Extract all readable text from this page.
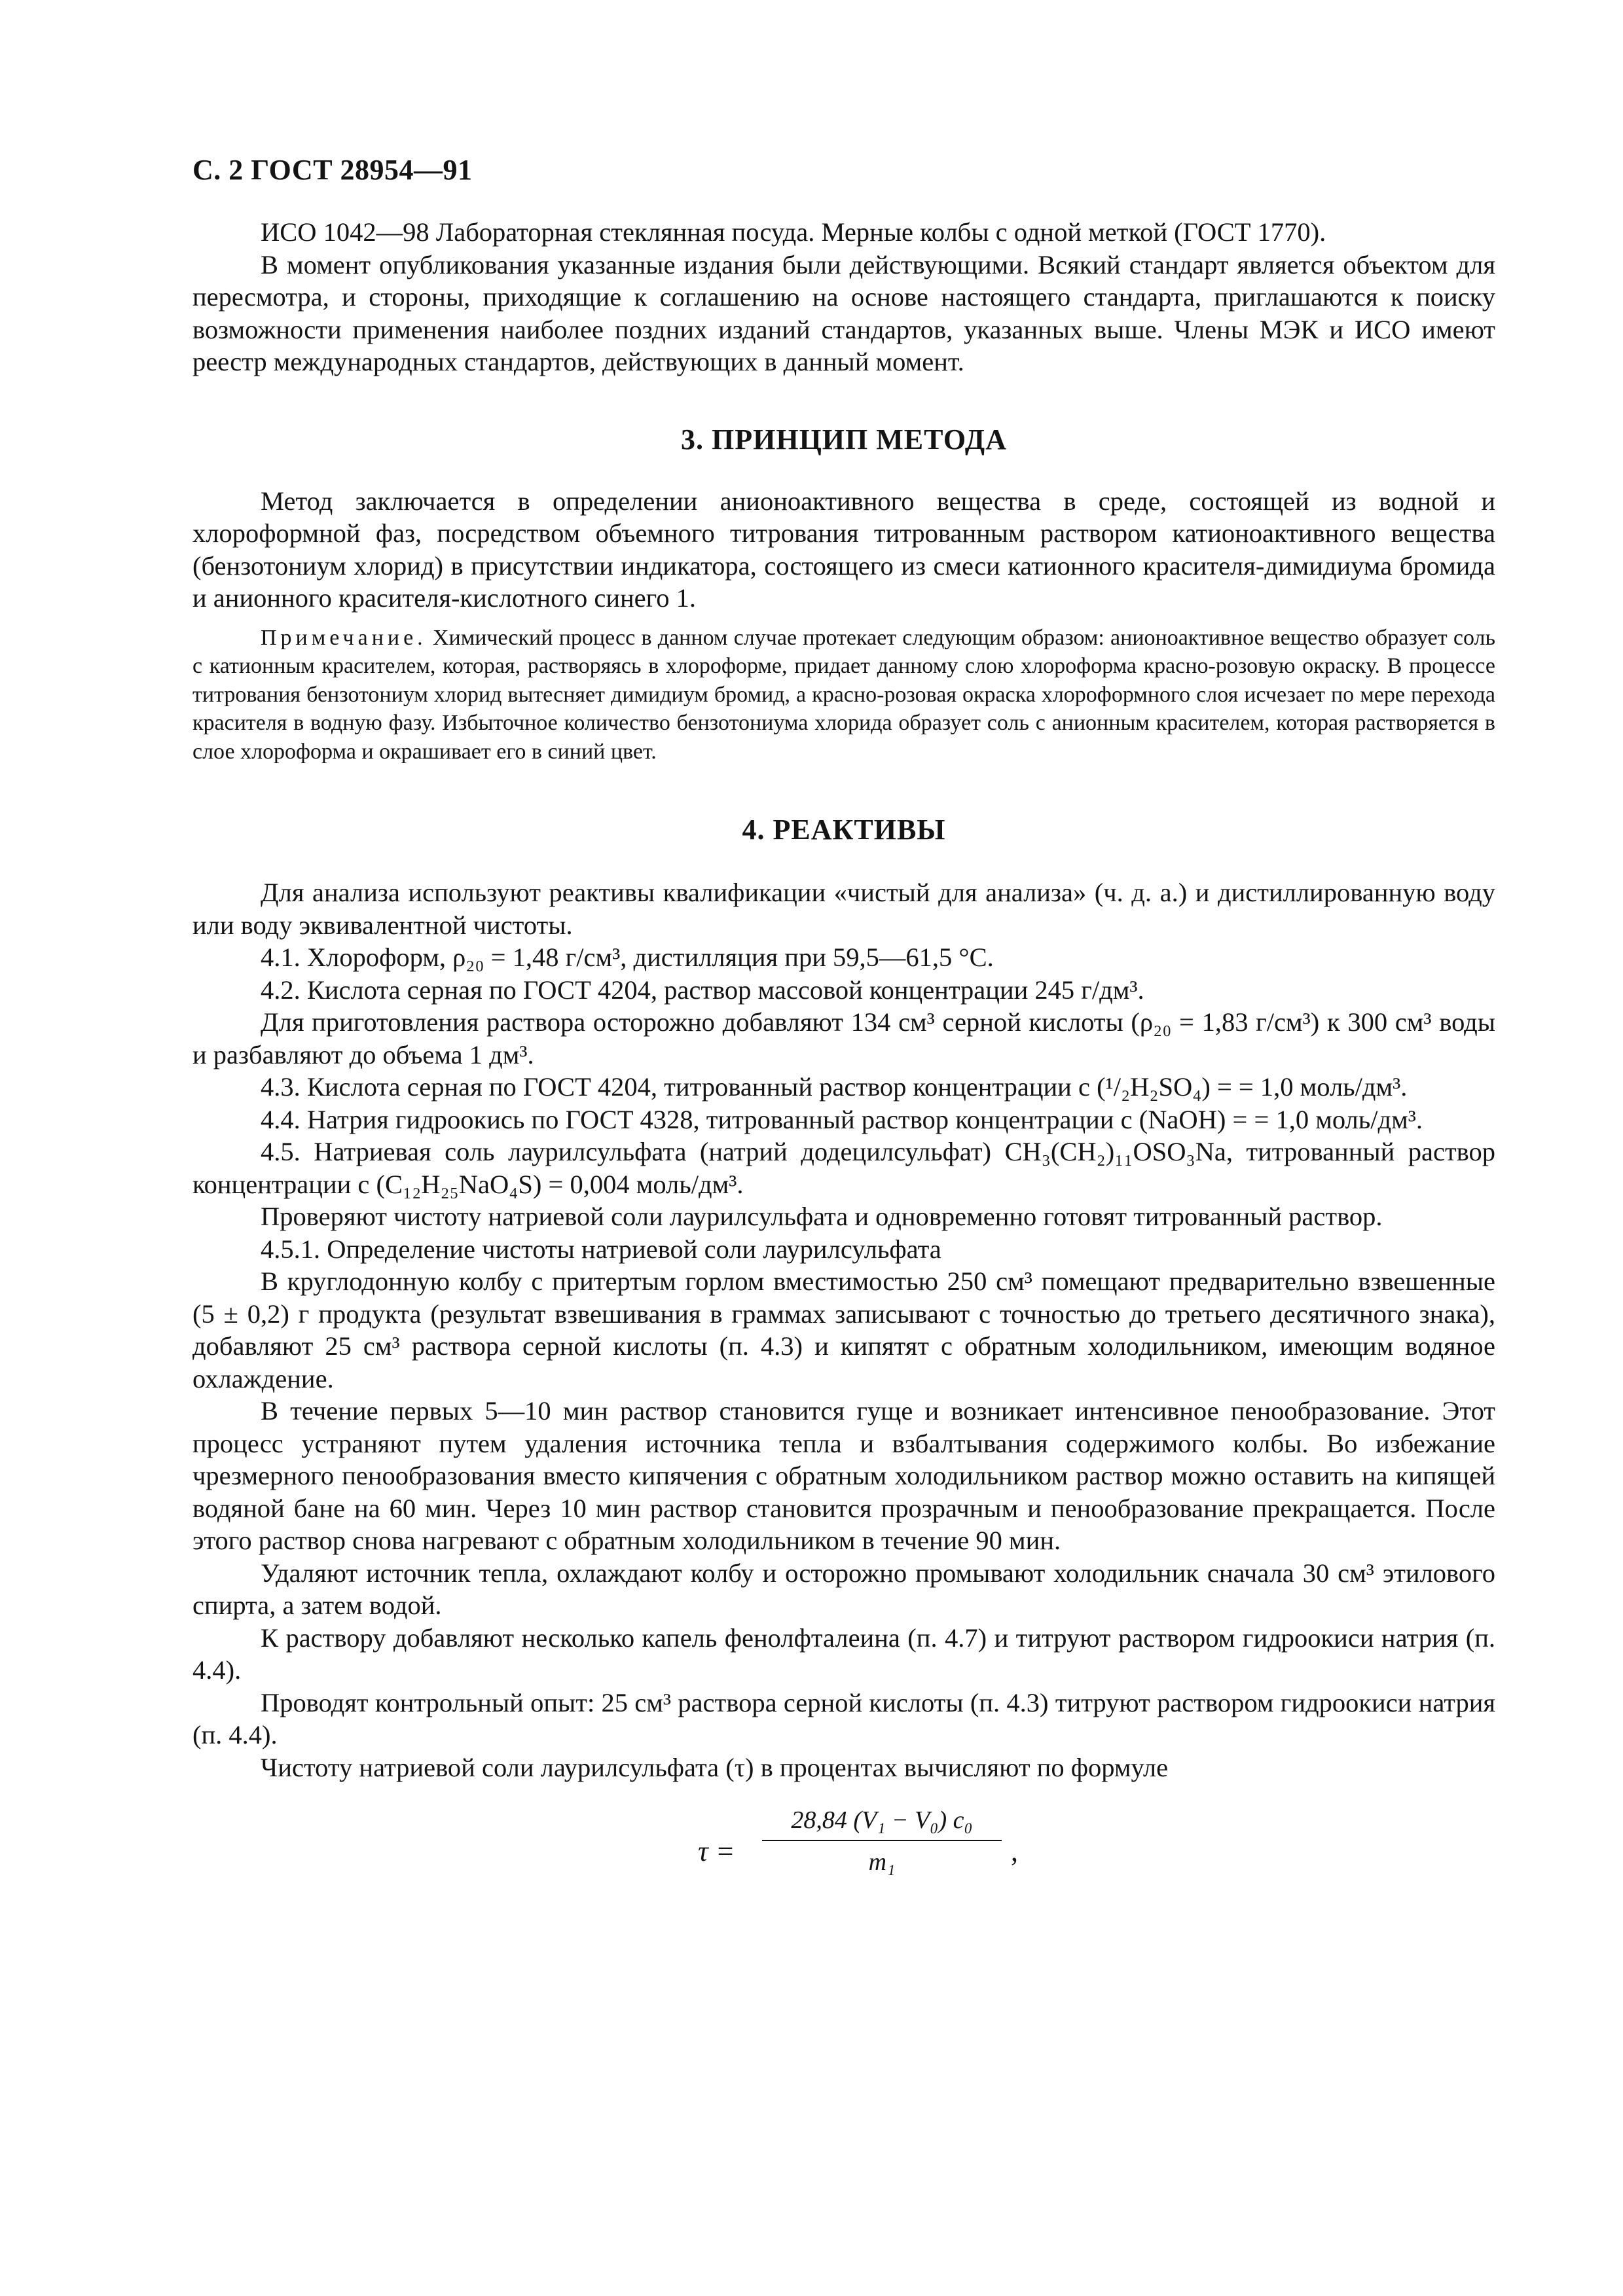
С. 2 ГОСТ 28954—91

ИСО 1042—98 Лабораторная стеклянная посуда. Мерные колбы с одной меткой (ГОСТ 1770).

В момент опубликования указанные издания были действующими. Всякий стандарт является объектом для пересмотра, и стороны, приходящие к соглашению на основе настоящего стандарта, приглашаются к поиску возможности применения наиболее поздних изданий стандартов, указанных выше. Члены МЭК и ИСО имеют реестр международных стандартов, действующих в данный момент.

3. ПРИНЦИП МЕТОДА

Метод заключается в определении анионоактивного вещества в среде, состоящей из водной и хлороформной фаз, посредством объемного титрования титрованным раствором катионоактивного вещества (бензотониум хлорид) в присутствии индикатора, состоящего из смеси катионного красителя-димидиума бромида и анионного красителя-кислотного синего 1.

Примечание. Химический процесс в данном случае протекает следующим образом: анионоактивное вещество образует соль с катионным красителем, которая, растворяясь в хлороформе, придает данному слою хлороформа красно-розовую окраску. В процессе титрования бензотониум хлорид вытесняет димидиум бромид, а красно-розовая окраска хлороформного слоя исчезает по мере перехода красителя в водную фазу. Избыточное количество бензотониума хлорида образует соль с анионным красителем, которая растворяется в слое хлороформа и окрашивает его в синий цвет.

4. РЕАКТИВЫ

Для анализа используют реактивы квалификации «чистый для анализа» (ч. д. а.) и дистиллированную воду или воду эквивалентной чистоты.

4.1. Хлороформ, ρ₂₀ = 1,48 г/см³, дистилляция при 59,5—61,5 °С.

4.2. Кислота серная по ГОСТ 4204, раствор массовой концентрации 245 г/дм³.

Для приготовления раствора осторожно добавляют 134 см³ серной кислоты (ρ₂₀ = 1,83 г/см³) к 300 см³ воды и разбавляют до объема 1 дм³.

4.3. Кислота серная по ГОСТ 4204, титрованный раствор концентрации c (¹/₂H₂SO₄) = = 1,0 моль/дм³.

4.4. Натрия гидроокись по ГОСТ 4328, титрованный раствор концентрации c (NaOH) = = 1,0 моль/дм³.

4.5. Натриевая соль лаурилсульфата (натрий додецилсульфат) CH₃(CH₂)₁₁OSO₃Na, титрованный раствор концентрации c (C₁₂H₂₅NaO₄S) = 0,004 моль/дм³.

Проверяют чистоту натриевой соли лаурилсульфата и одновременно готовят титрованный раствор.

4.5.1. Определение чистоты натриевой соли лаурилсульфата

В круглодонную колбу с притертым горлом вместимостью 250 см³ помещают предварительно взвешенные (5 ± 0,2) г продукта (результат взвешивания в граммах записывают с точностью до третьего десятичного знака), добавляют 25 см³ раствора серной кислоты (п. 4.3) и кипятят с обратным холодильником, имеющим водяное охлаждение.

В течение первых 5—10 мин раствор становится гуще и возникает интенсивное пенообразование. Этот процесс устраняют путем удаления источника тепла и взбалтывания содержимого колбы. Во избежание чрезмерного пенообразования вместо кипячения с обратным холодильником раствор можно оставить на кипящей водяной бане на 60 мин. Через 10 мин раствор становится прозрачным и пенообразование прекращается. После этого раствор снова нагревают с обратным холодильником в течение 90 мин.

Удаляют источник тепла, охлаждают колбу и осторожно промывают холодильник сначала 30 см³ этилового спирта, а затем водой.

К раствору добавляют несколько капель фенолфталеина (п. 4.7) и титруют раствором гидроокиси натрия (п. 4.4).

Проводят контрольный опыт: 25 см³ раствора серной кислоты (п. 4.3) титруют раствором гидроокиси натрия (п. 4.4).

Чистоту натриевой соли лаурилсульфата (τ) в процентах вычисляют по формуле

$\tau = \frac{\text{28,84 (V₁ − V₀) c₀}}{\text{m₁}}$ ,
